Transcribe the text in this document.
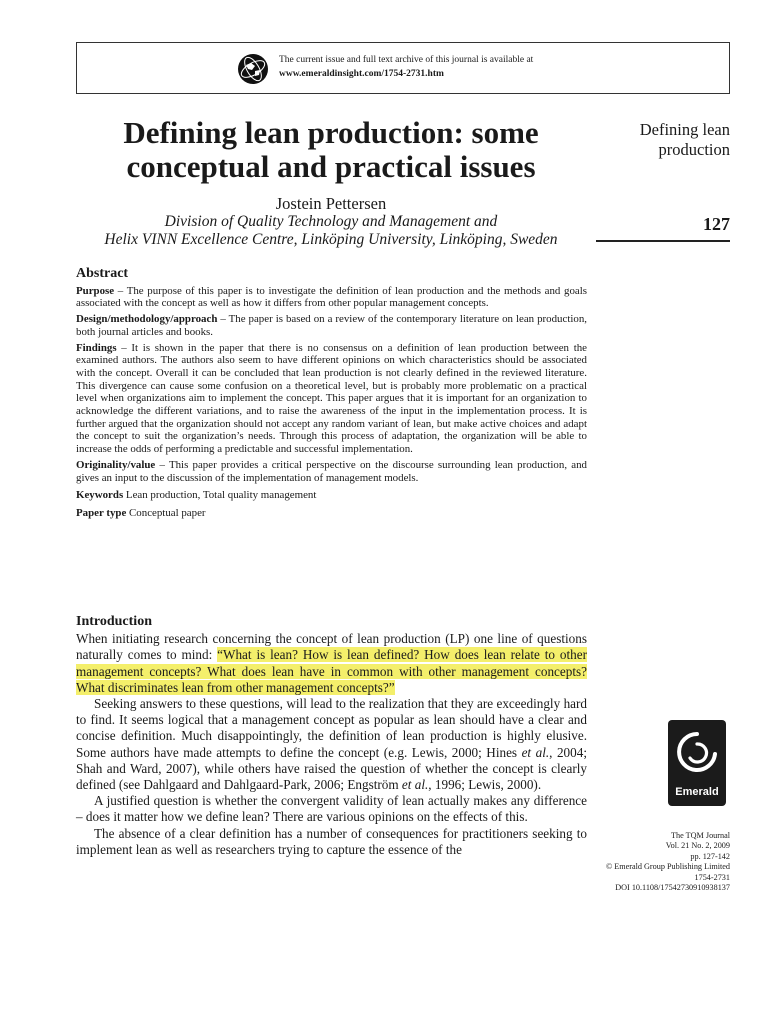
The current issue and full text archive of this journal is available at
www.emeraldinsight.com/1754-2731.htm
Defining lean production: some conceptual and practical issues
Jostein Pettersen
Division of Quality Technology and Management and
Helix VINN Excellence Centre, Linköping University, Linköping, Sweden
Defining lean
production
127
Abstract

Purpose – The purpose of this paper is to investigate the definition of lean production and the methods and goals associated with the concept as well as how it differs from other popular management concepts.

Design/methodology/approach – The paper is based on a review of the contemporary literature on lean production, both journal articles and books.

Findings – It is shown in the paper that there is no consensus on a definition of lean production between the examined authors. The authors also seem to have different opinions on which characteristics should be associated with the concept. Overall it can be concluded that lean production is not clearly defined in the reviewed literature. This divergence can cause some confusion on a theoretical level, but is probably more problematic on a practical level when organizations aim to implement the concept. This paper argues that it is important for an organization to acknowledge the different variations, and to raise the awareness of the input in the implementation process. It is further argued that the organization should not accept any random variant of lean, but make active choices and adapt the concept to suit the organization’s needs. Through this process of adaptation, the organization will be able to increase the odds of performing a predictable and successful implementation.

Originality/value – This paper provides a critical perspective on the discourse surrounding lean production, and gives an input to the discussion of the implementation of management models.

Keywords Lean production, Total quality management

Paper type Conceptual paper

Introduction

When initiating research concerning the concept of lean production (LP) one line of questions naturally comes to mind: “What is lean? How is lean defined? How does lean relate to other management concepts? What does lean have in common with other management concepts? What discriminates lean from other management concepts?”

Seeking answers to these questions, will lead to the realization that they are exceedingly hard to find. It seems logical that a management concept as popular as lean should have a clear and concise definition. Much disappointingly, the definition of lean production is highly elusive. Some authors have made attempts to define the concept (e.g. Lewis, 2000; Hines et al., 2004; Shah and Ward, 2007), while others have raised the question of whether the concept is clearly defined (see Dahlgaard and Dahlgaard-Park, 2006; Engström et al., 1996; Lewis, 2000).

A justified question is whether the convergent validity of lean actually makes any difference – does it matter how we define lean? There are various opinions on the effects of this.

The absence of a clear definition has a number of consequences for practitioners seeking to implement lean as well as researchers trying to capture the essence of the

Emerald
The TQM Journal
Vol. 21 No. 2, 2009
pp. 127-142
© Emerald Group Publishing Limited
1754-2731
DOI 10.1108/17542730910938137
